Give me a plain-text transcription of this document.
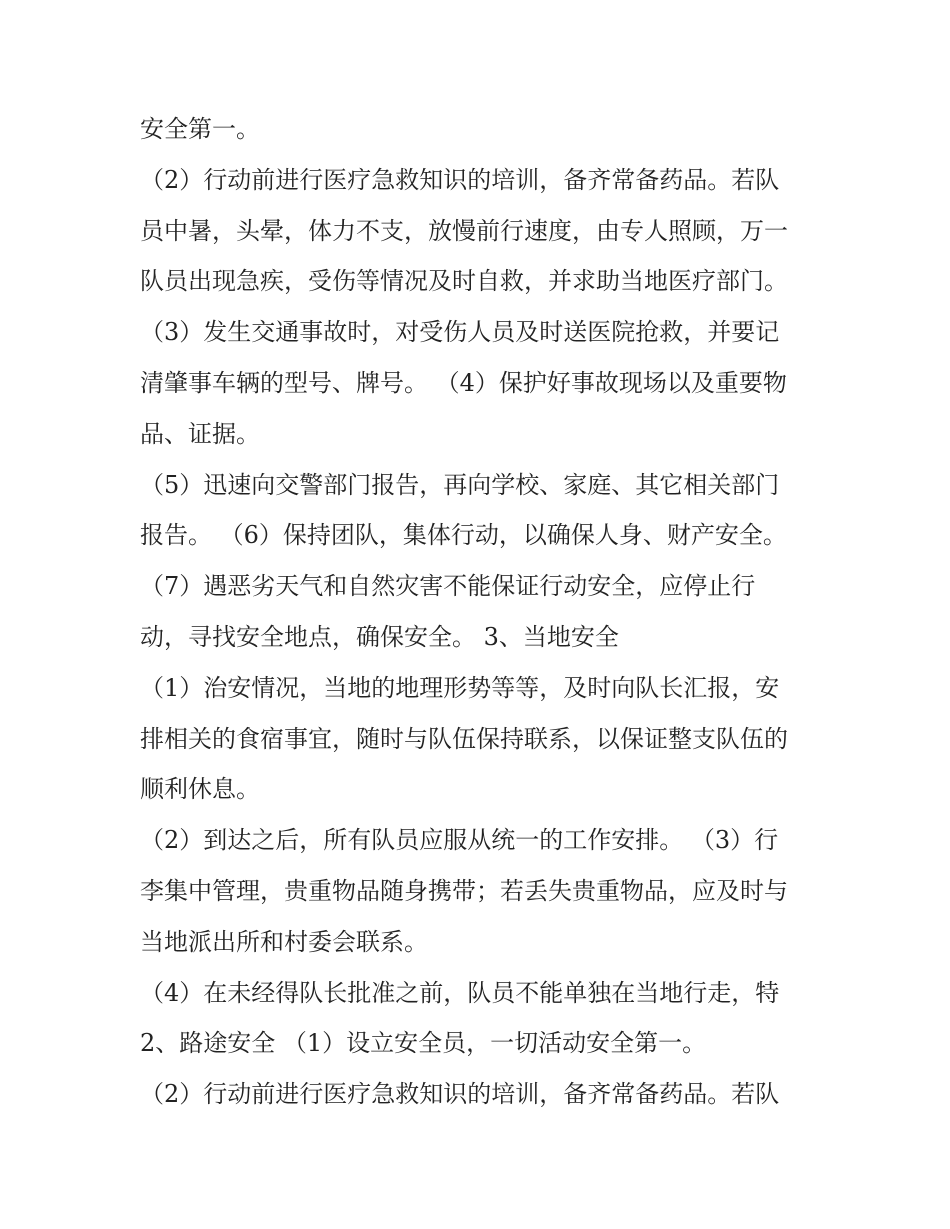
安全第一。
（2）行动前进行医疗急救知识的培训，备齐常备药品。若队
员中暑，头晕，体力不支，放慢前行速度，由专人照顾，万一
队员出现急疾，受伤等情况及时自救，并求助当地医疗部门。
（3）发生交通事故时，对受伤人员及时送医院抢救，并要记
清肇事车辆的型号、牌号。 （4）保护好事故现场以及重要物
品、证据。
（5）迅速向交警部门报告，再向学校、家庭、其它相关部门
报告。 （6）保持团队，集体行动，以确保人身、财产安全。
（7）遇恶劣天气和自然灾害不能保证行动安全，应停止行
动，寻找安全地点，确保安全。 3、当地安全
（1）治安情况，当地的地理形势等等，及时向队长汇报，安
排相关的食宿事宜，随时与队伍保持联系，以保证整支队伍的
顺利休息。
（2）到达之后，所有队员应服从统一的工作安排。 （3）行
李集中管理，贵重物品随身携带；若丢失贵重物品，应及时与
当地派出所和村委会联系。
（4）在未经得队长批准之前，队员不能单独在当地行走，特
2、路途安全 （1）设立安全员，一切活动安全第一。
（2）行动前进行医疗急救知识的培训，备齐常备药品。若队
